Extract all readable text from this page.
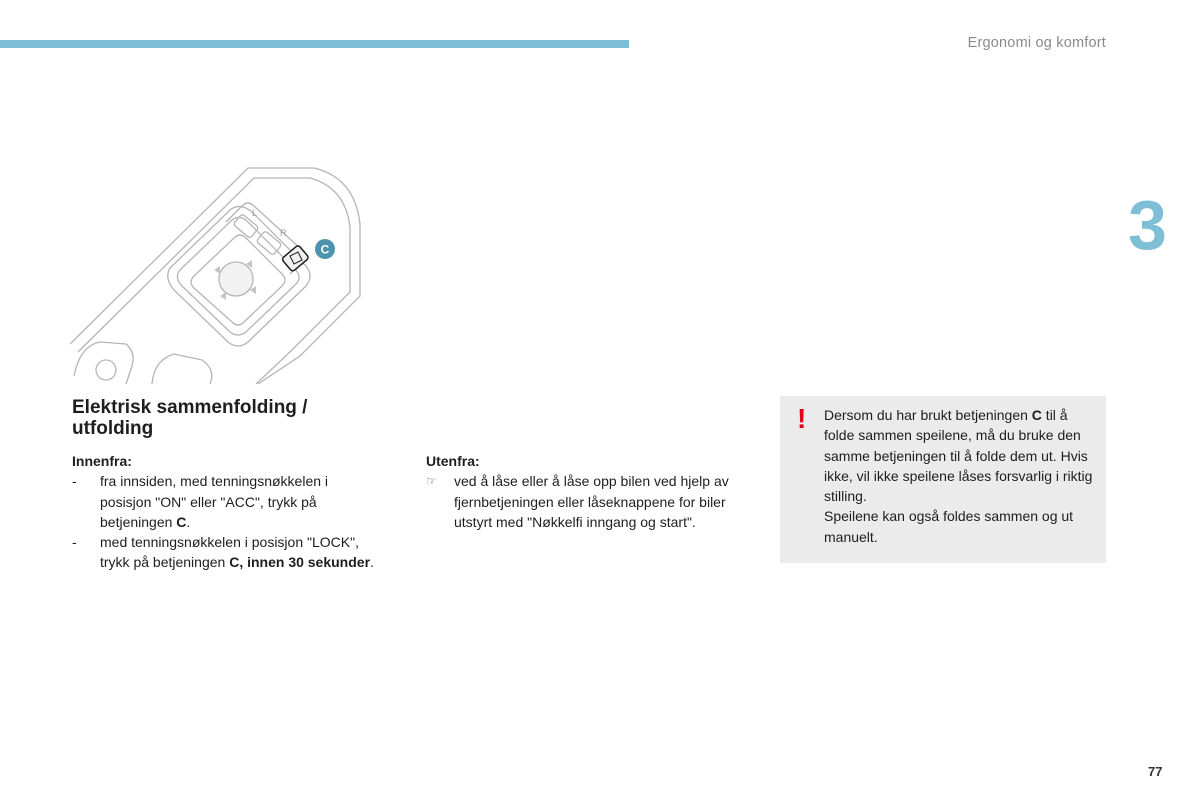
Ergonomi og komfort
3
L
R
C
Elektrisk sammenfolding / utfolding
Innenfra:
- fra innsiden, med tenningsnøkkelen i posisjon "ON" eller "ACC", trykk på betjeningen C.
- med tenningsnøkkelen i posisjon "LOCK", trykk på betjeningen C, innen 30 sekunder.
Utenfra:
☞ ved å låse eller å låse opp bilen ved hjelp av fjernbetjeningen eller låseknappene for biler utstyrt med "Nøkkelfi inngang og start".
! Dersom du har brukt betjeningen C til å folde sammen speilene, må du bruke den samme betjeningen til å folde dem ut. Hvis ikke, vil ikke speilene låses forsvarlig i riktig stilling.
Speilene kan også foldes sammen og ut manuelt.
77
